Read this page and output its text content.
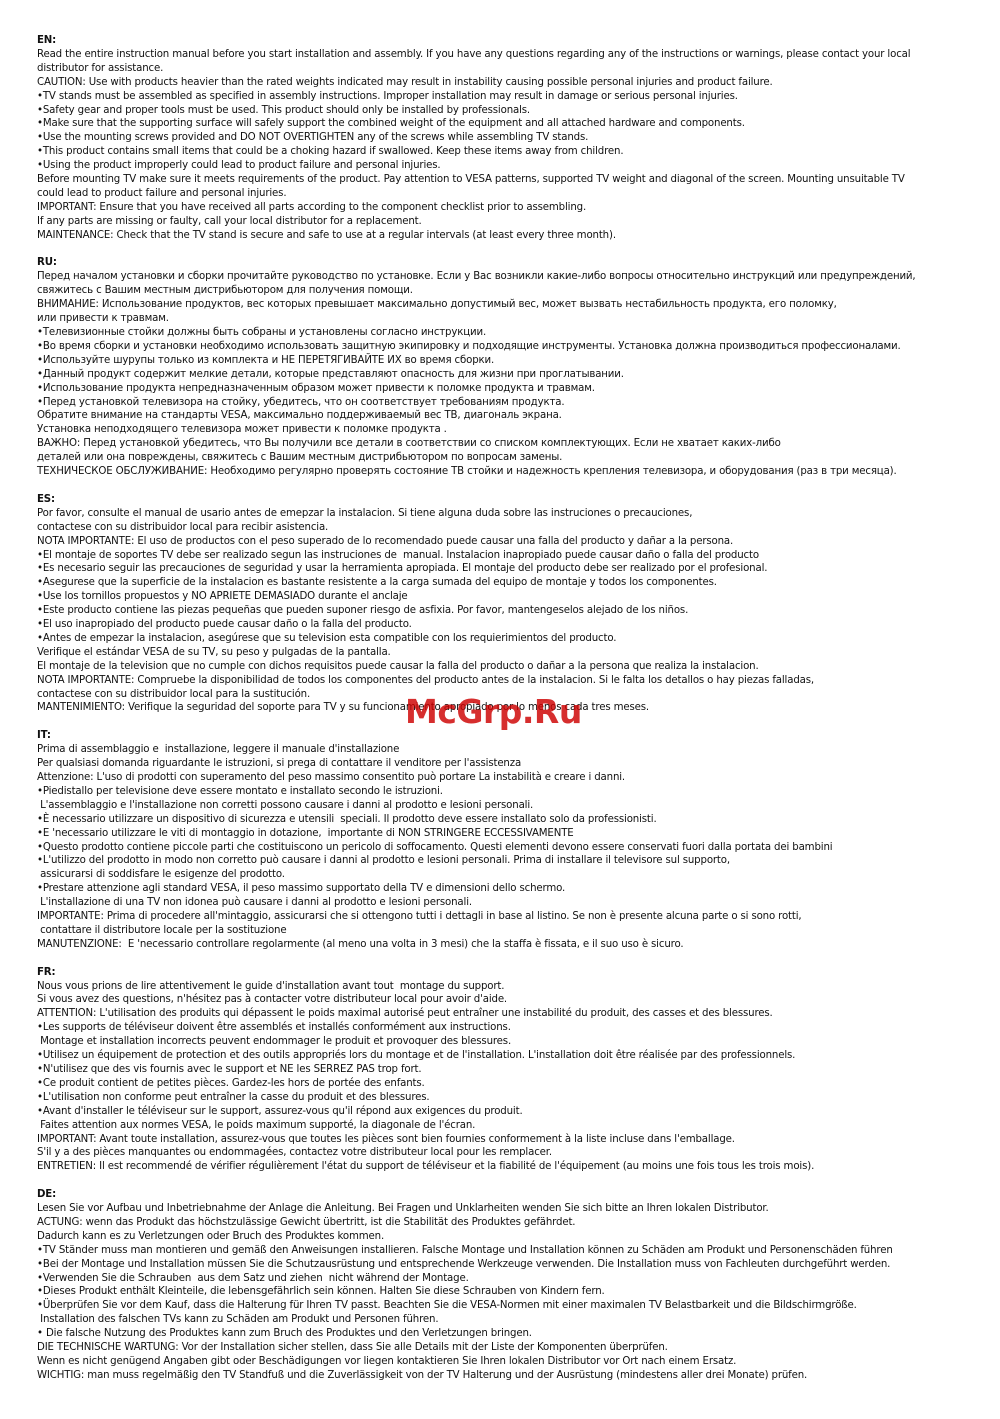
EN:
Read the entire instruction manual before you start installation and assembly. If you have any questions regarding any of the instructions or warnings, please contact your local
distributor for assistance.
CAUTION: Use with products heavier than the rated weights indicated may result in instability causing possible personal injuries and product failure.
•TV stands must be assembled as specified in assembly instructions. Improper installation may result in damage or serious personal injuries.
•Safety gear and proper tools must be used. This product should only be installed by professionals.
•Make sure that the supporting surface will safely support the combined weight of the equipment and all attached hardware and components.
•Use the mounting screws provided and DO NOT OVERTIGHTEN any of the screws while assembling TV stands.
•This product contains small items that could be a choking hazard if swallowed. Keep these items away from children.
•Using the product improperly could lead to product failure and personal injuries.
Before mounting TV make sure it meets requirements of the product. Pay attention to VESA patterns, supported TV weight and diagonal of the screen. Mounting unsuitable TV
could lead to product failure and personal injuries.
IMPORTANT: Ensure that you have received all parts according to the component checklist prior to assembling.
If any parts are missing or faulty, call your local distributor for a replacement.
MAINTENANCE: Check that the TV stand is secure and safe to use at a regular intervals (at least every three month).
RU:
Перед началом установки и сборки прочитайте руководство по установке. Если у Вас возникли какие-либо вопросы относительно инструкций или предупреждений,
свяжитесь с Вашим местным дистрибьютором для получения помощи.
ВНИМАНИЕ: Использование продуктов, вес которых превышает максимально допустимый вес, может вызвать нестабильность продукта, его поломку,
или привести к травмам.
•Телевизионные стойки должны быть собраны и установлены согласно инструкции.
•Во время сборки и установки необходимо использовать защитную экипировку и подходящие инструменты. Установка должна производиться профессионалами.
•Используйте шурупы только из комплекта и НЕ ПЕРЕТЯГИВАЙТЕ ИХ во время сборки.
•Данный продукт содержит мелкие детали, которые представляют опасность для жизни при проглатывании.
•Использование продукта непредназначенным образом может привести к поломке продукта и травмам.
•Перед установкой телевизора на стойку, убедитесь, что он соответствует требованиям продукта.
Обратите внимание на стандарты VESA, максимально поддерживаемый вес ТВ, диагональ экрана.
Установка неподходящего телевизора может привести к поломке продукта .
ВАЖНО: Перед установкой убедитесь, что Вы получили все детали в соответствии со списком комплектующих. Если не хватает каких-либо
деталей или она повреждены, свяжитесь с Вашим местным дистрибьютором по вопросам замены.
ТЕХНИЧЕСКОЕ ОБСЛУЖИВАНИЕ: Необходимо регулярно проверять состояние ТВ стойки и надежность крепления телевизора, и оборудования (раз в три месяца).
ES:
Por favor, consulte el manual de usario antes de emepzar la instalacion. Si tiene alguna duda sobre las instruciones o precauciones,
contactese con su distribuidor local para recibir asistencia.
NOTA IMPORTANTE: El uso de productos con el peso superado de lo recomendado puede causar una falla del producto y dañar a la persona.
•El montaje de soportes TV debe ser realizado segun las instruciones de  manual. Instalacion inapropiado puede causar daño o falla del producto
•Es necesario seguir las precauciones de seguridad y usar la herramienta apropiada. El montaje del producto debe ser realizado por el profesional.
•Asegurese que la superficie de la instalacion es bastante resistente a la carga sumada del equipo de montaje y todos los componentes.
•Use los tornillos propuestos y NO APRIETE DEMASIADO durante el anclaje
•Este producto contiene las piezas pequeñas que pueden suponer riesgo de asfixia. Por favor, mantengeselos alejado de los niños.
•El uso inapropiado del producto puede causar daño o la falla del producto.
•Antes de empezar la instalacion, asegúrese que su television esta compatible con los requierimientos del producto.
Verifique el estándar VESA de su TV, su peso y pulgadas de la pantalla.
El montaje de la television que no cumple con dichos requisitos puede causar la falla del producto o dañar a la persona que realiza la instalacion.
NOTA IMPORTANTE: Compruebe la disponibilidad de todos los componentes del producto antes de la instalacion. Si le falta los detallos o hay piezas falladas,
contactese con su distribuidor local para la sustitución.
MANTENIMIENTO: Verifique la seguridad del soporte para TV y su funcionamiento apropiado por lo menos cada tres meses.
IT:
Prima di assemblaggio e  installazione, leggere il manuale d'installazione
Per qualsiasi domanda riguardante le istruzioni, si prega di contattare il venditore per l'assistenza
Attenzione: L'uso di prodotti con superamento del peso massimo consentito può portare La instabilità e creare i danni.
•Piedistallo per televisione deve essere montato e installato secondo le istruzioni.
L'assemblaggio e l'installazione non corretti possono causare i danni al prodotto e lesioni personali.
•È necessario utilizzare un dispositivo di sicurezza e utensili  speciali. Il prodotto deve essere installato solo da professionisti.
•E 'necessario utilizzare le viti di montaggio in dotazione,  importante di NON STRINGERE ECCESSIVAMENTE
•Questo prodotto contiene piccole parti che costituiscono un pericolo di soffocamento. Questi elementi devono essere conservati fuori dalla portata dei bambini
•L'utilizzo del prodotto in modo non corretto può causare i danni al prodotto e lesioni personali. Prima di installare il televisore sul supporto,
assicurarsi di soddisfare le esigenze del prodotto.
•Prestare attenzione agli standard VESA, il peso massimo supportato della TV e dimensioni dello schermo.
L'installazione di una TV non idonea può causare i danni al prodotto e lesioni personali.
IMPORTANTE: Prima di procedere all'mintaggio, assicurarsi che si ottengono tutti i dettagli in base al listino. Se non è presente alcuna parte o si sono rotti,
contattare il distributore locale per la sostituzione
MANUTENZIONE:  E 'necessario controllare regolarmente (al meno una volta in 3 mesi) che la staffa è fissata, e il suo uso è sicuro.
FR:
Nous vous prions de lire attentivement le guide d'installation avant tout  montage du support.
Si vous avez des questions, n'hésitez pas à contacter votre distributeur local pour avoir d'aide.
ATTENTION: L'utilisation des produits qui dépassent le poids maximal autorisé peut entraîner une instabilité du produit, des casses et des blessures.
•Les supports de téléviseur doivent être assemblés et installés conformément aux instructions.
Montage et installation incorrects peuvent endommager le produit et provoquer des blessures.
•Utilisez un équipement de protection et des outils appropriés lors du montage et de l'installation. L'installation doit être réalisée par des professionnels.
•N'utilisez que des vis fournis avec le support et NE les SERREZ PAS trop fort.
•Ce produit contient de petites pièces. Gardez-les hors de portée des enfants.
•L'utilisation non conforme peut entraîner la casse du produit et des blessures.
•Avant d'installer le téléviseur sur le support, assurez-vous qu'il répond aux exigences du produit.
Faites attention aux normes VESA, le poids maximum supporté, la diagonale de l'écran.
IMPORTANT: Avant toute installation, assurez-vous que toutes les pièces sont bien fournies conformement à la liste incluse dans l'emballage.
S'il y a des pièces manquantes ou endommagées, contactez votre distributeur local pour les remplacer.
ENTRETIEN: Il est recommendé de vérifier régulièrement l'état du support de téléviseur et la fiabilité de l'équipement (au moins une fois tous les trois mois).
DE:
Lesen Sie vor Aufbau und Inbetriebnahme der Anlage die Anleitung. Bei Fragen und Unklarheiten wenden Sie sich bitte an Ihren lokalen Distributor.
ACTUNG: wenn das Produkt das höchstzulässige Gewicht übertritt, ist die Stabilität des Produktes gefährdet.
Dadurch kann es zu Verletzungen oder Bruch des Produktes kommen.
•TV Ständer muss man montieren und gemäß den Anweisungen installieren. Falsche Montage und Installation können zu Schäden am Produkt und Personenschäden führen
•Bei der Montage und Installation müssen Sie die Schutzausrüstung und entsprechende Werkzeuge verwenden. Die Installation muss von Fachleuten durchgeführt werden.
•Verwenden Sie die Schrauben  aus dem Satz und ziehen  nicht während der Montage.
•Dieses Produkt enthält Kleinteile, die lebensgefährlich sein können. Halten Sie diese Schrauben von Kindern fern.
•Überprüfen Sie vor dem Kauf, dass die Halterung für Ihren TV passt. Beachten Sie die VESA-Normen mit einer maximalen TV Belastbarkeit und die Bildschirmgröße.
Installation des falschen TVs kann zu Schäden am Produkt und Personen führen.
• Die falsche Nutzung des Produktes kann zum Bruch des Produktes und den Verletzungen bringen.
DIE TECHNISCHE WARTUNG: Vor der Installation sicher stellen, dass Sie alle Details mit der Liste der Komponenten überprüfen.
Wenn es nicht genügend Angaben gibt oder Beschädigungen vor liegen kontaktieren Sie Ihren lokalen Distributor vor Ort nach einem Ersatz.
WICHTIG: man muss regelmäßig den TV Standfuß und die Zuverlässigkeit von der TV Halterung und der Ausrüstung (mindestens aller drei Monate) prüfen.
McGrp.Ru
